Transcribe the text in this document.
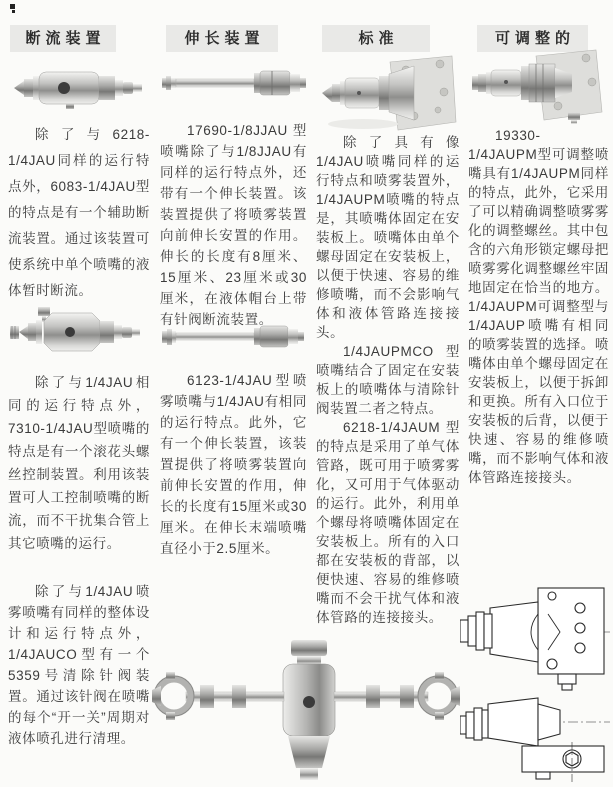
断流装置	伸长装置	标准	可调整的

除了与6218-1/4JAU同样的运行特点外，6083-1/4JAU型的特点是有一个辅助断流装置。通过该装置可使系统中单个喷嘴的液体暂时断流。

除了与1/4JAU相同的运行特点外，7310-1/4JAU型喷嘴的特点是有一个滚花头螺丝控制装置。利用该装置可人工控制喷嘴的断流，而不干扰集合管上其它喷嘴的运行。

除了与1/4JAU喷雾喷嘴有同样的整体设计和运行特点外，1/4JAUCO型有一个5359号清除针阀装置。通过该针阀在喷嘴的每个“开一关”周期对液体喷孔进行清理。

17690-1/8JJAU型喷嘴除了与1/8JJAU有同样的运行特点外，还带有一个伸长装置。该装置提供了将喷雾装置向前伸长安置的作用。伸长的长度有8厘米、15厘米、23厘米或30厘米，在液体帽台上带有针阀断流装置。

6123-1/4JAU型喷雾喷嘴与1/4JAU有相同的运行特点。此外，它有一个伸长装置，该装置提供了将喷雾装置向前伸长安置的作用，伸长的长度有15厘米或30厘米。在伸长末端喷嘴直径小于2.5厘米。

除了具有像1/4JAU喷嘴同样的运行特点和喷雾装置外，1/4JAUPM喷嘴的特点是，其喷嘴体固定在安装板上。喷嘴体由单个螺母固定在安装板上，以便于快速、容易的维修喷嘴，而不会影响气体和液体管路连接接头。

1/4JAUPMCO型喷嘴结合了固定在安装板上的喷嘴体与清除针阀装置二者之特点。

6218-1/4JAUM型的特点是采用了单气体管路，既可用于喷雾雾化，又可用于气体驱动的运行。此外，利用单个螺母将喷嘴体固定在安装板上。所有的入口都在安装板的背部，以便快速、容易的维修喷嘴而不会干扰气体和液体管路的连接接头。

19330-1/4JAUPM型可调整喷嘴具有1/4JAUPM同样的特点，此外，它采用了可以精确调整喷雾雾化的调整螺丝。其中包含的六角形锁定螺母把喷雾雾化调整螺丝牢固地固定在恰当的地方。1/4JAUPM可调整型与1/4JAUP喷嘴有相同的喷雾装置的选择。喷嘴体由单个螺母固定在安装板上，以便于拆卸和更换。所有入口位于安装板的后背，以便于快速、容易的维修喷嘴，而不影响气体和液体管路连接接头。
